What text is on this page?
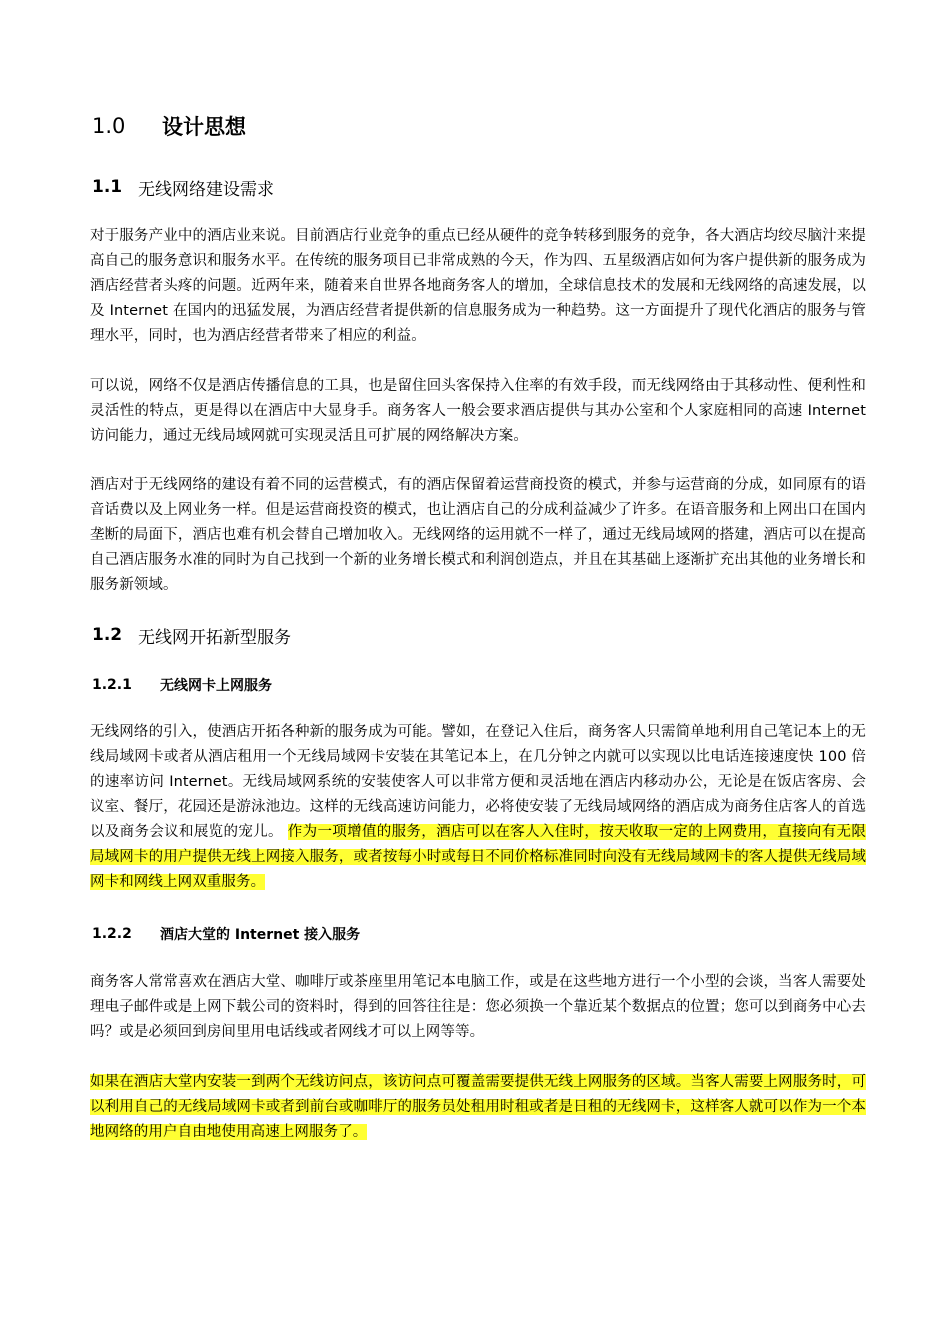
1.0	设计思想
1.1 无线网络建设需求
对于服务产业中的酒店业来说。目前酒店行业竞争的重点已经从硬件的竞争转移到服务的竞争，各大酒店均绞尽脑汁来提高自己的服务意识和服务水平。在传统的服务项目已非常成熟的今天，作为四、五星级酒店如何为客户提供新的服务成为酒店经营者头疼的问题。近两年来，随着来自世界各地商务客人的增加，全球信息技术的发展和无线网络的高速发展，以及 Internet 在国内的迅猛发展，为酒店经营者提供新的信息服务成为一种趋势。这一方面提升了现代化酒店的服务与管理水平，同时，也为酒店经营者带来了相应的利益。
可以说，网络不仅是酒店传播信息的工具，也是留住回头客保持入住率的有效手段，而无线网络由于其移动性、便利性和灵活性的特点，更是得以在酒店中大显身手。商务客人一般会要求酒店提供与其办公室和个人家庭相同的高速 Internet 访问能力，通过无线局域网就可实现灵活且可扩展的网络解决方案。
酒店对于无线网络的建设有着不同的运营模式，有的酒店保留着运营商投资的模式，并参与运营商的分成，如同原有的语音话费以及上网业务一样。但是运营商投资的模式，也让酒店自己的分成利益减少了许多。在语音服务和上网出口在国内垄断的局面下，酒店也难有机会替自己增加收入。无线网络的运用就不一样了，通过无线局域网的搭建，酒店可以在提高自己酒店服务水准的同时为自己找到一个新的业务增长模式和利润创造点，并且在其基础上逐渐扩充出其他的业务增长和服务新领域。
1.2 无线网开拓新型服务
1.2.1	无线网卡上网服务
无线网络的引入，使酒店开拓各种新的服务成为可能。譬如，在登记入住后，商务客人只需简单地利用自己笔记本上的无线局域网卡或者从酒店租用一个无线局域网卡安装在其笔记本上，在几分钟之内就可以实现以比电话连接速度快 100 倍的速率访问 Internet。无线局域网系统的安装使客人可以非常方便和灵活地在酒店内移动办公，无论是在饭店客房、会议室、餐厅，花园还是游泳池边。这样的无线高速访问能力，必将使安装了无线局域网络的酒店成为商务住店客人的首选以及商务会议和展览的宠儿。 作为一项增值的服务，酒店可以在客人入住时，按天收取一定的上网费用，直接向有无限局域网卡的用户提供无线上网接入服务，或者按每小时或每日不同价格标准同时向没有无线局域网卡的客人提供无线局域网卡和网线上网双重服务。
1.2.2	酒店大堂的 Internet 接入服务
商务客人常常喜欢在酒店大堂、咖啡厅或茶座里用笔记本电脑工作，或是在这些地方进行一个小型的会谈，当客人需要处理电子邮件或是上网下载公司的资料时，得到的回答往往是：您必须换一个靠近某个数据点的位置；您可以到商务中心去吗？或是必须回到房间里用电话线或者网线才可以上网等等。
如果在酒店大堂内安装一到两个无线访问点，该访问点可覆盖需要提供无线上网服务的区域。当客人需要上网服务时，可以利用自己的无线局域网卡或者到前台或咖啡厅的服务员处租用时租或者是日租的无线网卡，这样客人就可以作为一个本地网络的用户自由地使用高速上网服务了。
